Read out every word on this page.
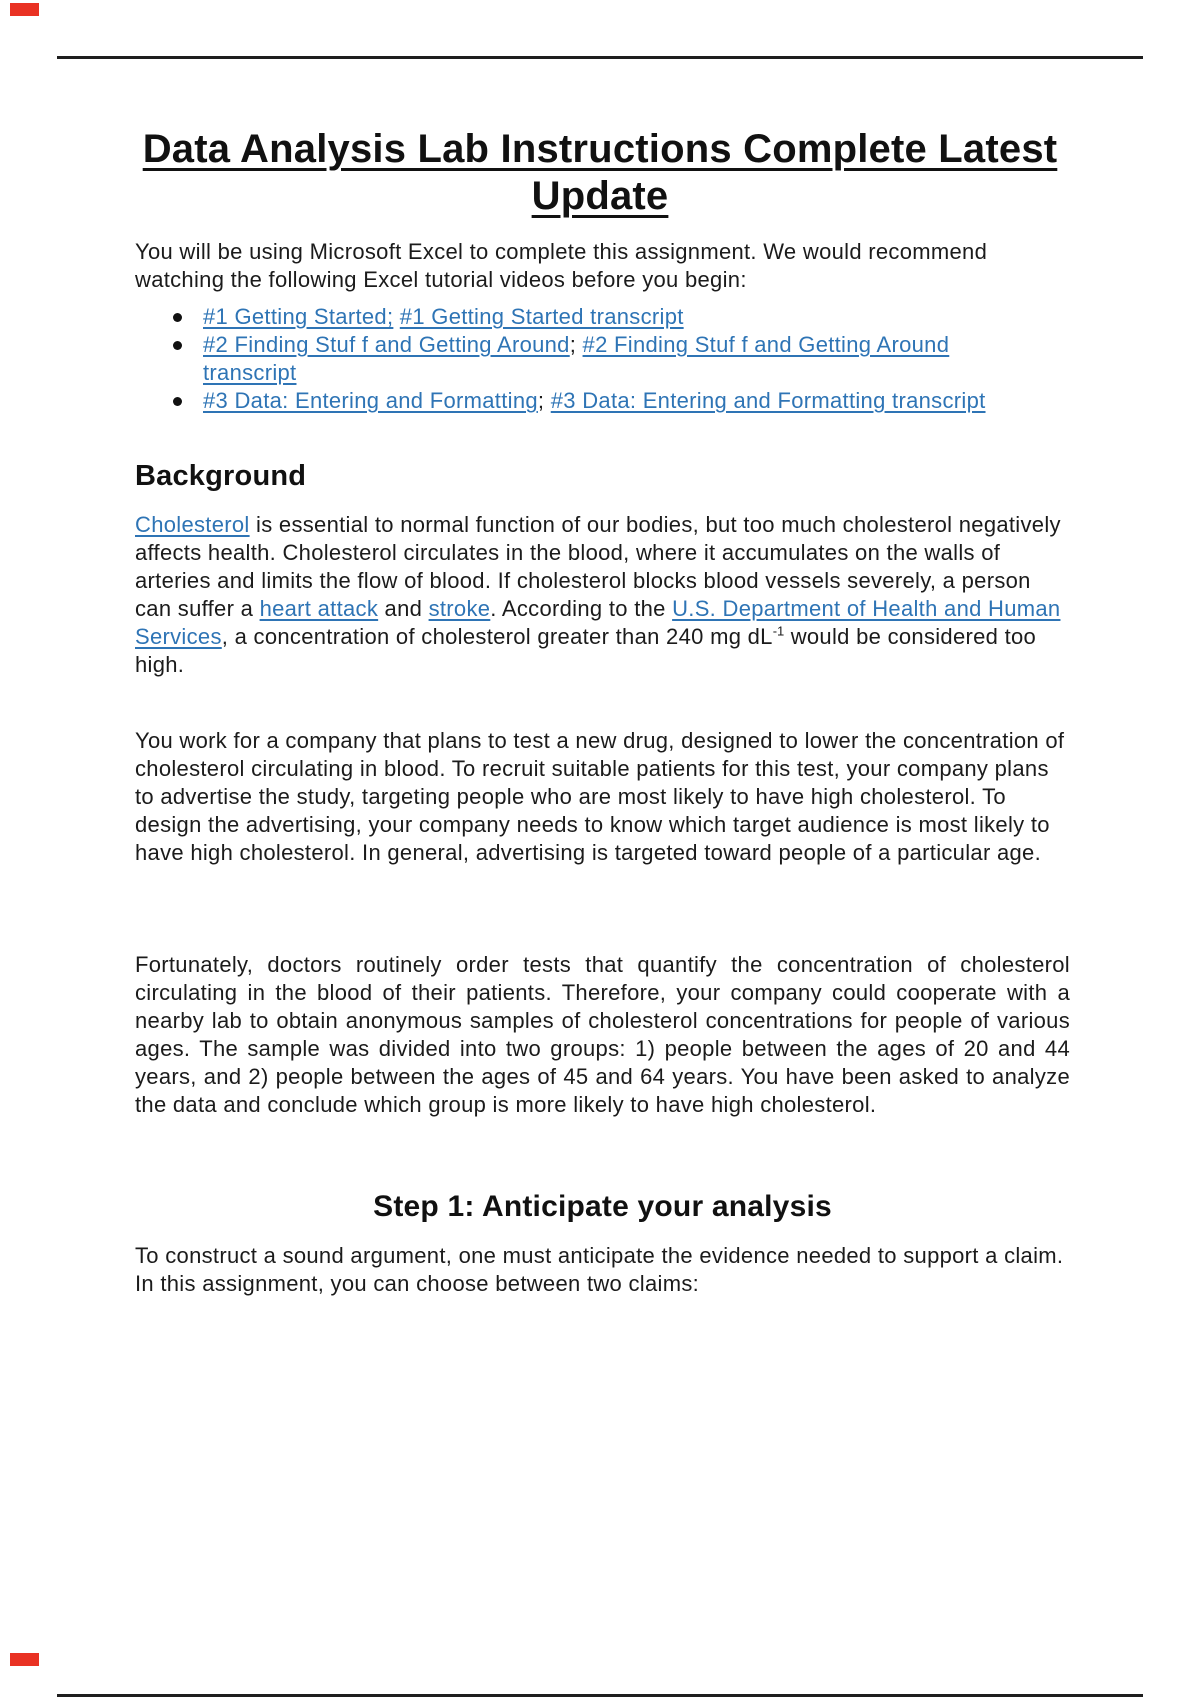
Data Analysis Lab Instructions Complete Latest Update

You will be using Microsoft Excel to complete this assignment. We would recommend watching the following Excel tutorial videos before you begin:

#1 Getting Started; #1 Getting Started transcript
#2 Finding Stuf f and Getting Around; #2 Finding Stuf f and Getting Around transcript
#3 Data: Entering and Formatting; #3 Data: Entering and Formatting transcript
Background

Cholesterol is essential to normal function of our bodies, but too much cholesterol negatively affects health. Cholesterol circulates in the blood, where it accumulates on the walls of arteries and limits the flow of blood. If cholesterol blocks blood vessels severely, a person can suffer a heart attack and stroke. According to the U.S. Department of Health and Human Services, a concentration of cholesterol greater than 240 mg $dL^{-1}$ would be considered too high.

You work for a company that plans to test a new drug, designed to lower the concentration of cholesterol circulating in blood. To recruit suitable patients for this test, your company plans to advertise the study, targeting people who are most likely to have high cholesterol. To design the advertising, your company needs to know which target audience is most likely to have high cholesterol. In general, advertising is targeted toward people of a particular age.

Fortunately, doctors routinely order tests that quantify the concentration of cholesterol circulating in the blood of their patients. Therefore, your company could cooperate with a nearby lab to obtain anonymous samples of cholesterol concentrations for people of various ages. The sample was divided into two groups: 1) people between the ages of 20 and 44 years, and 2) people between the ages of 45 and 64 years. You have been asked to analyze the data and conclude which group is more likely to have high cholesterol.

Step 1: Anticipate your analysis

To construct a sound argument, one must anticipate the evidence needed to support a claim. In this assignment, you can choose between two claims:
